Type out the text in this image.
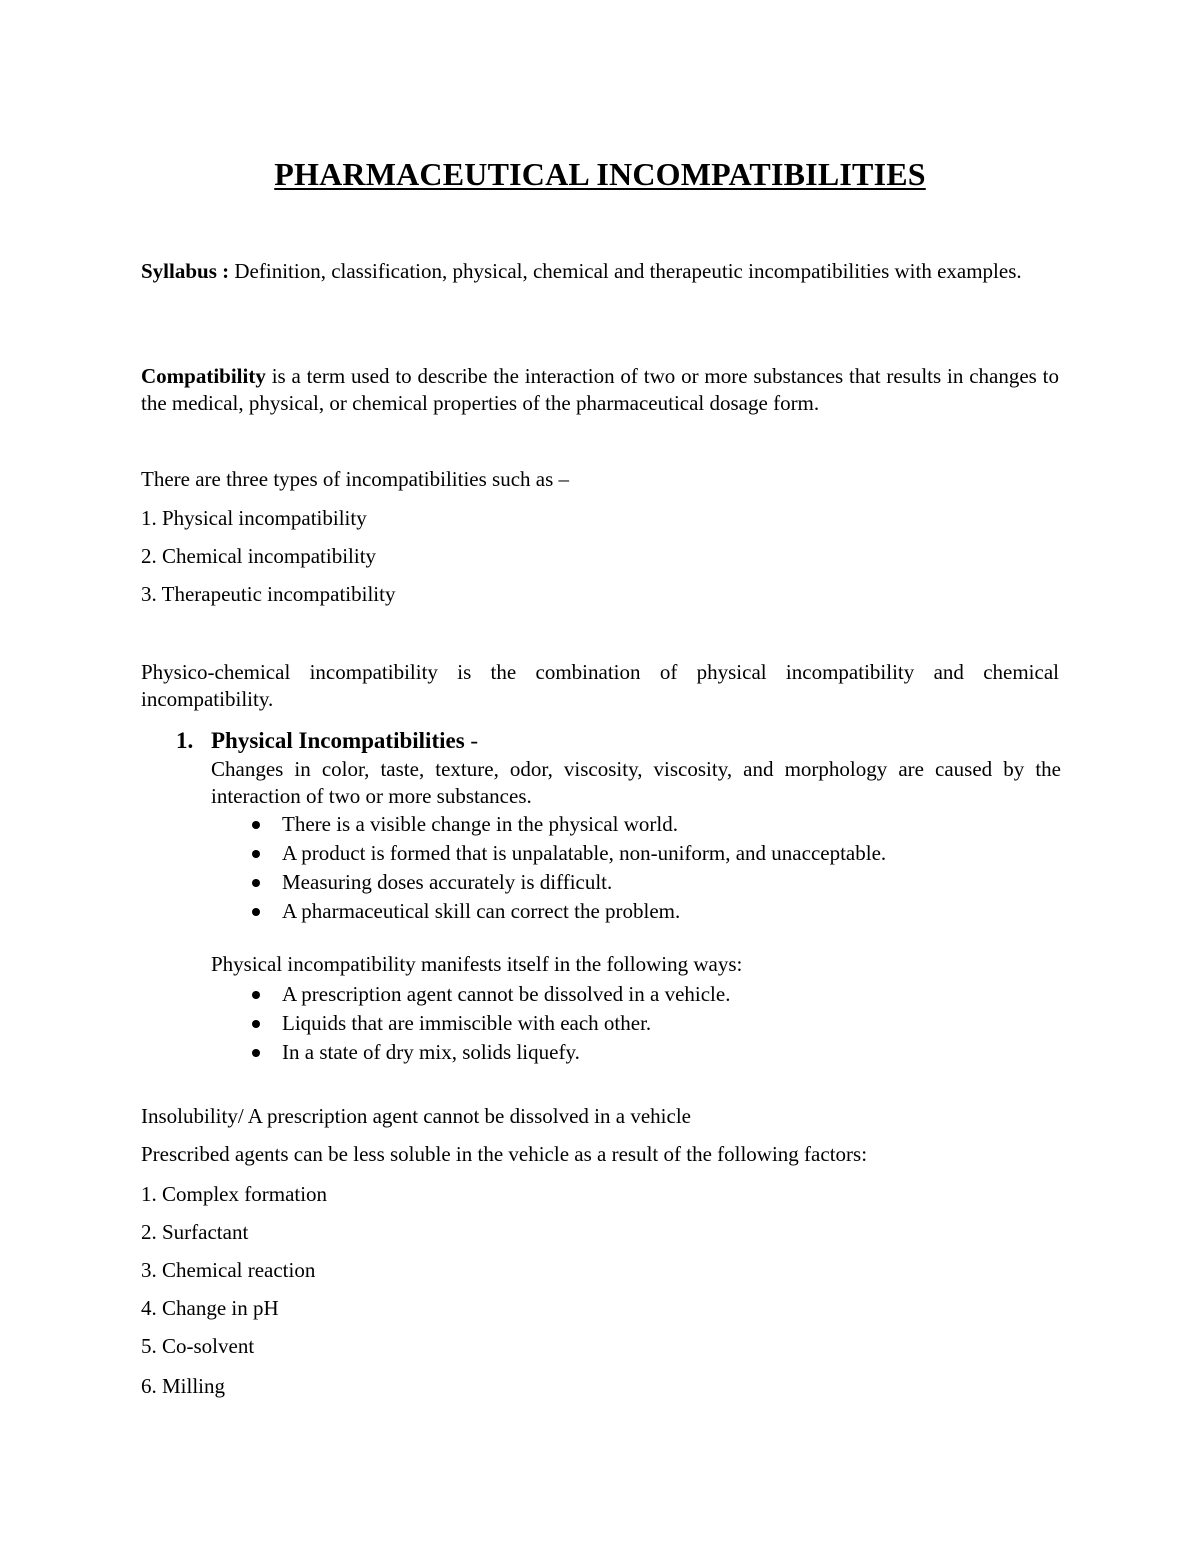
PHARMACEUTICAL INCOMPATIBILITIES
Syllabus : Definition, classification, physical, chemical and therapeutic incompatibilities with examples.
Compatibility is a term used to describe the interaction of two or more substances that results in changes to the medical, physical, or chemical properties of the pharmaceutical dosage form.
There are three types of incompatibilities such as –
1. Physical incompatibility
2. Chemical incompatibility
3. Therapeutic incompatibility
Physico-chemical incompatibility is the combination of physical incompatibility and chemical incompatibility.
1. Physical Incompatibilities -
Changes in color, taste, texture, odor, viscosity, viscosity, and morphology are caused by the interaction of two or more substances.
There is a visible change in the physical world.
A product is formed that is unpalatable, non-uniform, and unacceptable.
Measuring doses accurately is difficult.
A pharmaceutical skill can correct the problem.
Physical incompatibility manifests itself in the following ways:
A prescription agent cannot be dissolved in a vehicle.
Liquids that are immiscible with each other.
In a state of dry mix, solids liquefy.
Insolubility/ A prescription agent cannot be dissolved in a vehicle
Prescribed agents can be less soluble in the vehicle as a result of the following factors:
1. Complex formation
2. Surfactant
3. Chemical reaction
4. Change in pH
5. Co-solvent
6. Milling
